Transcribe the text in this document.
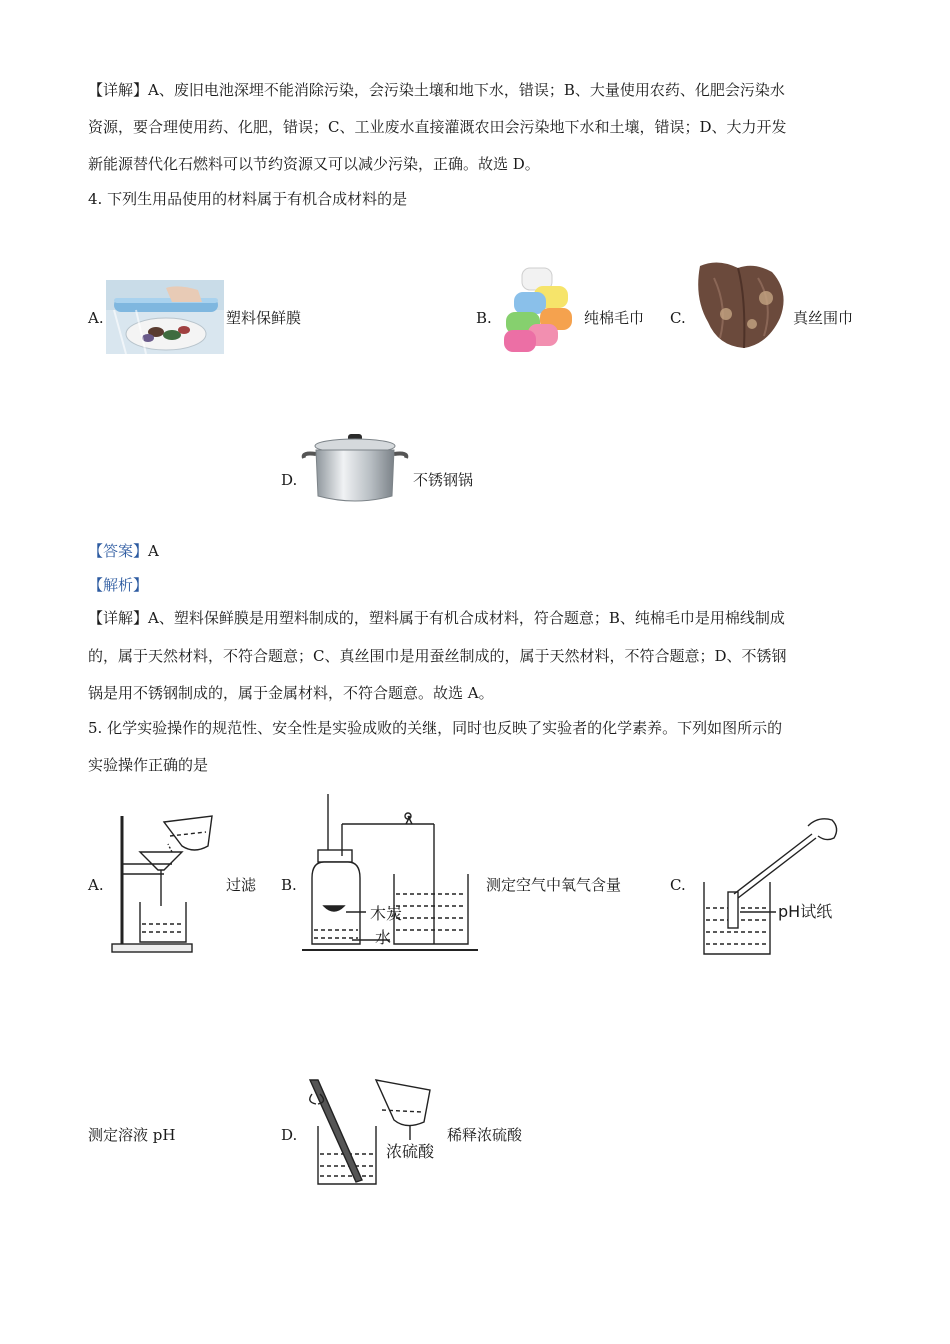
【详解】A、废旧电池深埋不能消除污染，会污染土壤和地下水，错误；B、大量使用农药、化肥会污染水
资源，要合理使用药、化肥，错误；C、工业废水直接灌溉农田会污染地下水和土壤，错误；D、大力开发
新能源替代化石燃料可以节约资源又可以减少污染，正确。故选 D。
4. 下列生用品使用的材料属于有机合成材料的是
A.	塑料保鲜膜	B.	纯棉毛巾 C.	真丝围巾
D.	不锈钢锅
【答案】A
【解析】
【详解】A、塑料保鲜膜是用塑料制成的，塑料属于有机合成材料，符合题意；B、纯棉毛巾是用棉线制成
的，属于天然材料，不符合题意；C、真丝围巾是用蚕丝制成的，属于天然材料，不符合题意；D、不锈钢
锅是用不锈钢制成的，属于金属材料，不符合题意。故选 A。
5. 化学实验操作的规范性、安全性是实验成败的关继，同时也反映了实验者的化学素养。下列如图所示的
实验操作正确的是
A.	过滤 B.
木炭
水
测定空气中氧气含量	C.
pH试纸
测定溶液 pH	D.
浓硫酸
稀释浓硫酸
